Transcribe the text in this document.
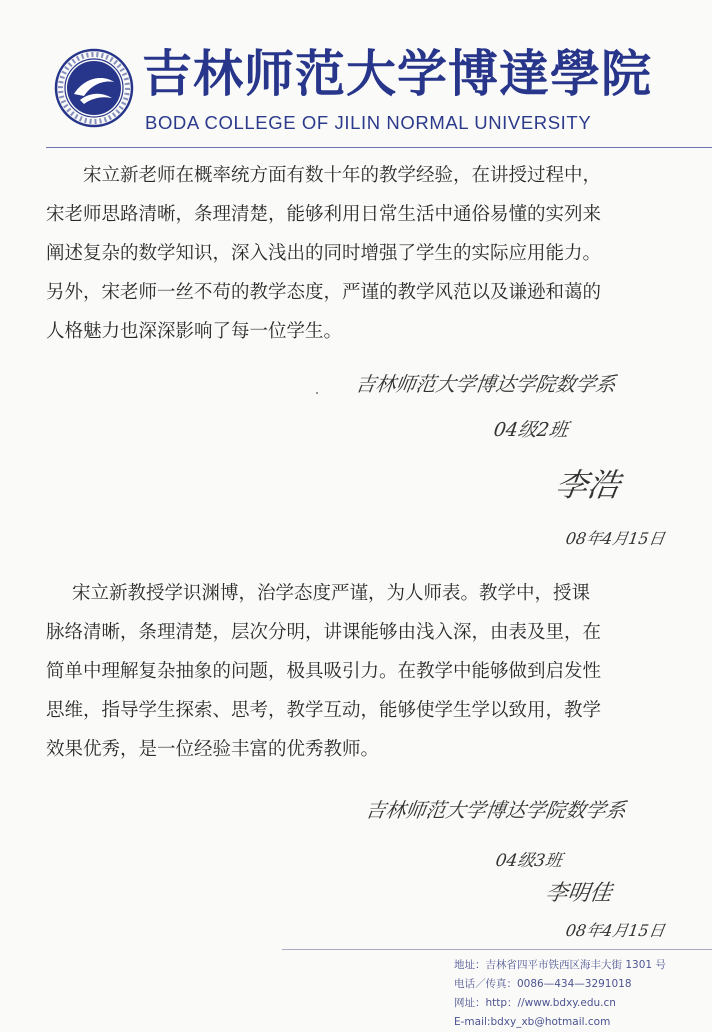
吉林师范大学博達學院
BODA COLLEGE OF JILIN NORMAL UNIVERSITY
宋立新老师在概率统方面有数十年的教学经验，在讲授过程中，
宋老师思路清晰，条理清楚，能够利用日常生活中通俗易懂的实列来
阐述复杂的数学知识，深入浅出的同时增强了学生的实际应用能力。
另外，宋老师一丝不苟的教学态度，严谨的教学风范以及谦逊和蔼的
人格魅力也深深影响了每一位学生。
吉林师范大学博达学院数学系
04级2班
李浩
08年4月15日
宋立新教授学识渊博，治学态度严谨，为人师表。教学中，授课
脉络清晰，条理清楚，层次分明，讲课能够由浅入深，由表及里，在
简单中理解复杂抽象的问题，极具吸引力。在教学中能够做到启发性
思维，指导学生探索、思考，教学互动，能够使学生学以致用，教学
效果优秀，是一位经验丰富的优秀教师。
吉林师范大学博达学院数学系
04级3班
李明佳
08年4月15日
地址：吉林省四平市铁西区海丰大街 1301 号
电话／传真：0086—434—3291018
网址：http：//www.bdxy.edu.cn
E-mail:bdxy_xb@hotmail.com
